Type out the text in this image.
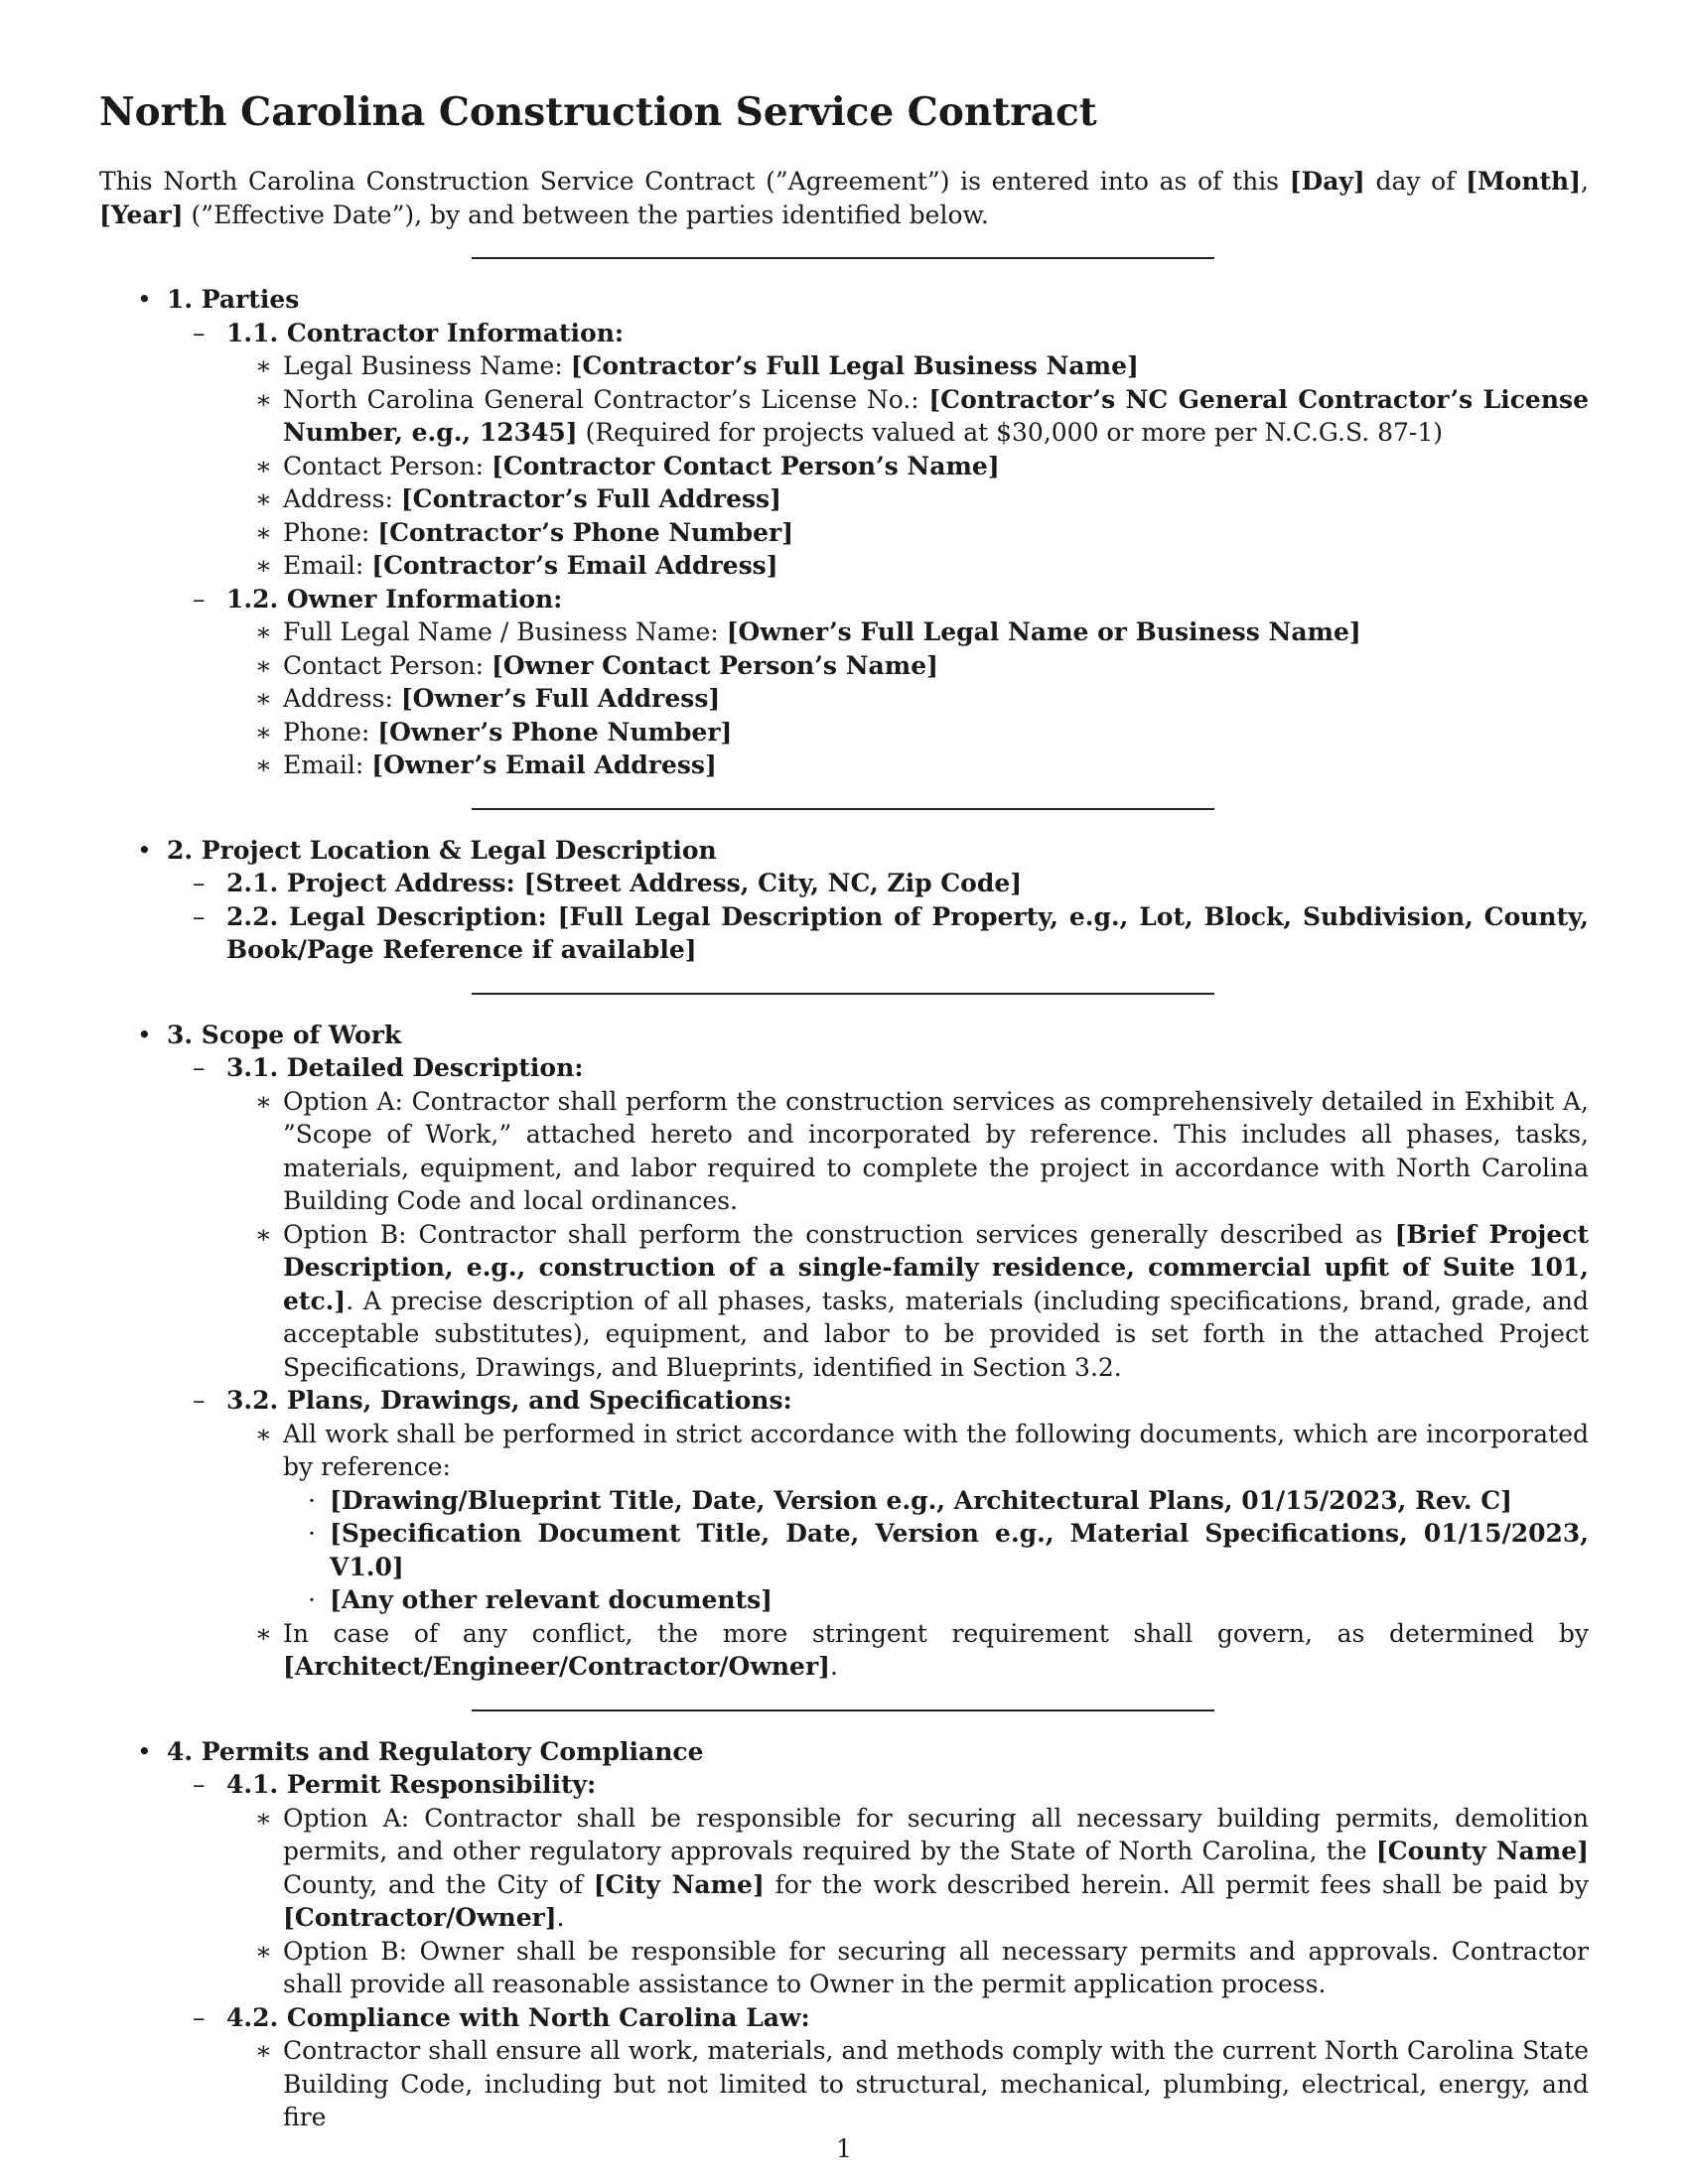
North Carolina Construction Service Contract

This North Carolina Construction Service Contract (”Agreement”) is entered into as of this [Day] day of [Month], [Year] (”Effective Date”), by and between the parties identified below.

• 1. Parties
– 1.1. Contractor Information:
∗ Legal Business Name: [Contractor’s Full Legal Business Name]
∗ North Carolina General Contractor’s License No.: [Contractor’s NC General Contractor’s License Number, e.g., 12345] (Required for projects valued at $30,000 or more per N.C.G.S. 87-1)
∗ Contact Person: [Contractor Contact Person’s Name]
∗ Address: [Contractor’s Full Address]
∗ Phone: [Contractor’s Phone Number]
∗ Email: [Contractor’s Email Address]
– 1.2. Owner Information:
∗ Full Legal Name / Business Name: [Owner’s Full Legal Name or Business Name]
∗ Contact Person: [Owner Contact Person’s Name]
∗ Address: [Owner’s Full Address]
∗ Phone: [Owner’s Phone Number]
∗ Email: [Owner’s Email Address]
• 2. Project Location & Legal Description
– 2.1. Project Address: [Street Address, City, NC, Zip Code]
– 2.2. Legal Description: [Full Legal Description of Property, e.g., Lot, Block, Subdivision, County, Book/Page Reference if available]
• 3. Scope of Work
– 3.1. Detailed Description:
∗ Option A: Contractor shall perform the construction services as comprehensively detailed in Exhibit A, ”Scope of Work,” attached hereto and incorporated by reference. This includes all phases, tasks, materials, equipment, and labor required to complete the project in accordance with North Carolina Building Code and local ordinances.
∗ Option B: Contractor shall perform the construction services generally described as [Brief Project Description, e.g., construction of a single-family residence, commercial upfit of Suite 101, etc.]. A precise description of all phases, tasks, materials (including specifications, brand, grade, and acceptable substitutes), equipment, and labor to be provided is set forth in the attached Project Specifications, Drawings, and Blueprints, identified in Section 3.2.
– 3.2. Plans, Drawings, and Specifications:
∗ All work shall be performed in strict accordance with the following documents, which are incorporated by reference:
· [Drawing/Blueprint Title, Date, Version e.g., Architectural Plans, 01/15/2023, Rev. C]
· [Specification Document Title, Date, Version e.g., Material Specifications, 01/15/2023, V1.0]
· [Any other relevant documents]
∗ In case of any conflict, the more stringent requirement shall govern, as determined by [Architect/Engineer/Contractor/Owner].
• 4. Permits and Regulatory Compliance
– 4.1. Permit Responsibility:
∗ Option A: Contractor shall be responsible for securing all necessary building permits, demolition permits, and other regulatory approvals required by the State of North Carolina, the [County Name] County, and the City of [City Name] for the work described herein. All permit fees shall be paid by [Contractor/Owner].
∗ Option B: Owner shall be responsible for securing all necessary permits and approvals. Contractor shall provide all reasonable assistance to Owner in the permit application process.
– 4.2. Compliance with North Carolina Law:
∗ Contractor shall ensure all work, materials, and methods comply with the current North Carolina State Building Code, including but not limited to structural, mechanical, plumbing, electrical, energy, and fire
1
